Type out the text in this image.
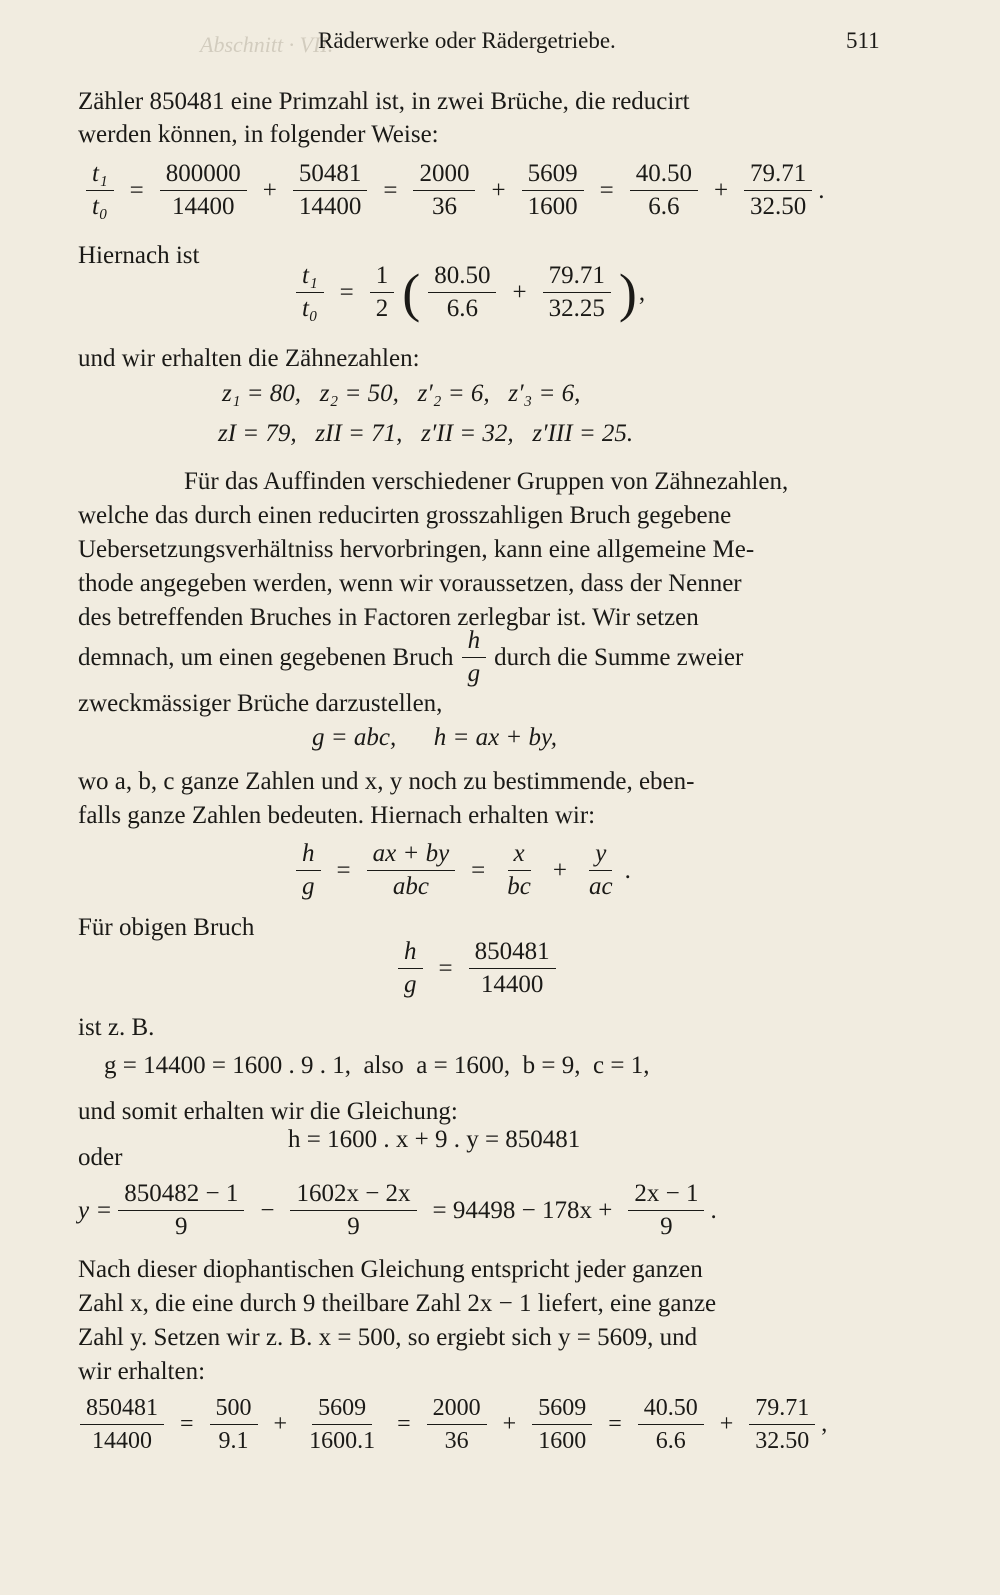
Abschnitt · VII.
Räderwerke oder Rädergetriebe.	511
Zähler 850481 eine Primzahl ist, in zwei Brüche, die reducirt
werden können, in folgender Weise:
$\frac{\text{t₁}}{\text{t₀}} = \frac{800000}{14400} + \frac{50481}{14400} = \frac{2000}{36} + \frac{5609}{1600} = \frac{40.50}{6.6} + \frac{79.71}{32.50}$ .
Hiernach ist
$\frac{\text{t₁}}{\text{t₀}} = \frac{1}{2}$ ( $\frac{80.50}{6.6} + \frac{79.71}{32.25}$ ) ,
und wir erhalten die Zähnezahlen:
z₁ = 80,   z₂ = 50,   z′₂ = 6,   z′₃ = 6,
zI = 79,   zII = 71,   z′II = 32,   z′III = 25.
Für das Auffinden verschiedener Gruppen von Zähnezahlen,
welche das durch einen reducirten grosszahligen Bruch gegebene
Uebersetzungsverhältniss hervorbringen, kann eine allgemeine Me-
thode angegeben werden, wenn wir voraussetzen, dass der Nenner
des betreffenden Bruches in Factoren zerlegbar ist. Wir setzen
demnach, um einen gegebenen Bruch $\frac{h}{g}$ durch die Summe zweier
zweckmässiger Brüche darzustellen,
g = abc,      h = ax + by,
wo a, b, c ganze Zahlen und x, y noch zu bestimmende, eben-
falls ganze Zahlen bedeuten. Hiernach erhalten wir:
$\frac{h}{g} = \frac{ax + by}{\text{abc}} = \frac{x}{bc} + \frac{y}{ac}$ .
Für obigen Bruch
$\frac{h}{g} = \frac{850481}{14400}$
ist z. B.
g = 14400 = 1600 . 9 . 1,  also  a = 1600,  b = 9,  c = 1,
und somit erhalten wir die Gleichung:
h = 1600 . x + 9 . y = 850481
oder
$y = \frac{850482 - 1}{9} - \frac{1602x - 2x}{9} = 94498 - 178x + \frac{2x - 1}{9}$ .
Nach dieser diophantischen Gleichung entspricht jeder ganzen
Zahl x, die eine durch 9 theilbare Zahl 2x − 1 liefert, eine ganze
Zahl y. Setzen wir z. B. x = 500, so ergiebt sich y = 5609, und
wir erhalten:
$\frac{850481}{14400} = \frac{500}{9.1} + \frac{5609}{1600.1} = \frac{2000}{36} + \frac{5609}{1600} = \frac{40.50}{6.6} + \frac{79.71}{32.50}$ ,
